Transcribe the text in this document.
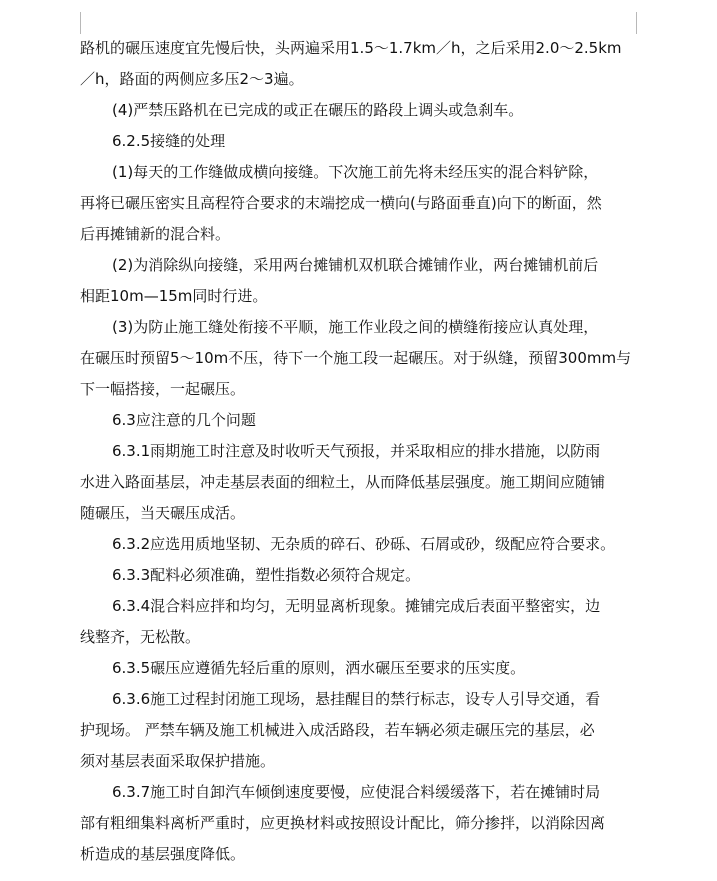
路机的碾压速度宜先慢后快，头两遍采用1.5～1.7km／h，之后采用2.0～2.5km
／h，路面的两侧应多压2～3遍。
(4)严禁压路机在已完成的或正在碾压的路段上调头或急刹车。
6.2.5接缝的处理
(1)每天的工作缝做成横向接缝。下次施工前先将未经压实的混合料铲除，
再将已碾压密实且高程符合要求的末端挖成一横向(与路面垂直)向下的断面，然
后再摊铺新的混合料。
(2)为消除纵向接缝，采用两台摊铺机双机联合摊铺作业，两台摊铺机前后
相距10m—15m同时行进。
(3)为防止施工缝处衔接不平顺，施工作业段之间的横缝衔接应认真处理，
在碾压时预留5～10m不压，待下一个施工段一起碾压。对于纵缝，预留300mm与
下一幅搭接，一起碾压。
6.3应注意的几个问题
6.3.1雨期施工时注意及时收听天气预报，并采取相应的排水措施，以防雨
水进入路面基层，冲走基层表面的细粒土，从而降低基层强度。施工期间应随铺
随碾压，当天碾压成活。
6.3.2应选用质地坚韧、无杂质的碎石、砂砾、石屑或砂，级配应符合要求。
6.3.3配料必须准确，塑性指数必须符合规定。
6.3.4混合料应拌和均匀，无明显离析现象。摊铺完成后表面平整密实，边
线整齐，无松散。
6.3.5碾压应遵循先轻后重的原则，洒水碾压至要求的压实度。
6.3.6施工过程封闭施工现场，悬挂醒目的禁行标志，设专人引导交通，看
护现场。 严禁车辆及施工机械进入成活路段，若车辆必须走碾压完的基层，必
须对基层表面采取保护措施。
6.3.7施工时自卸汽车倾倒速度要慢，应使混合料缓缓落下，若在摊铺时局
部有粗细集料离析严重时，应更换材料或按照设计配比，筛分掺拌，以消除因离
析造成的基层强度降低。
